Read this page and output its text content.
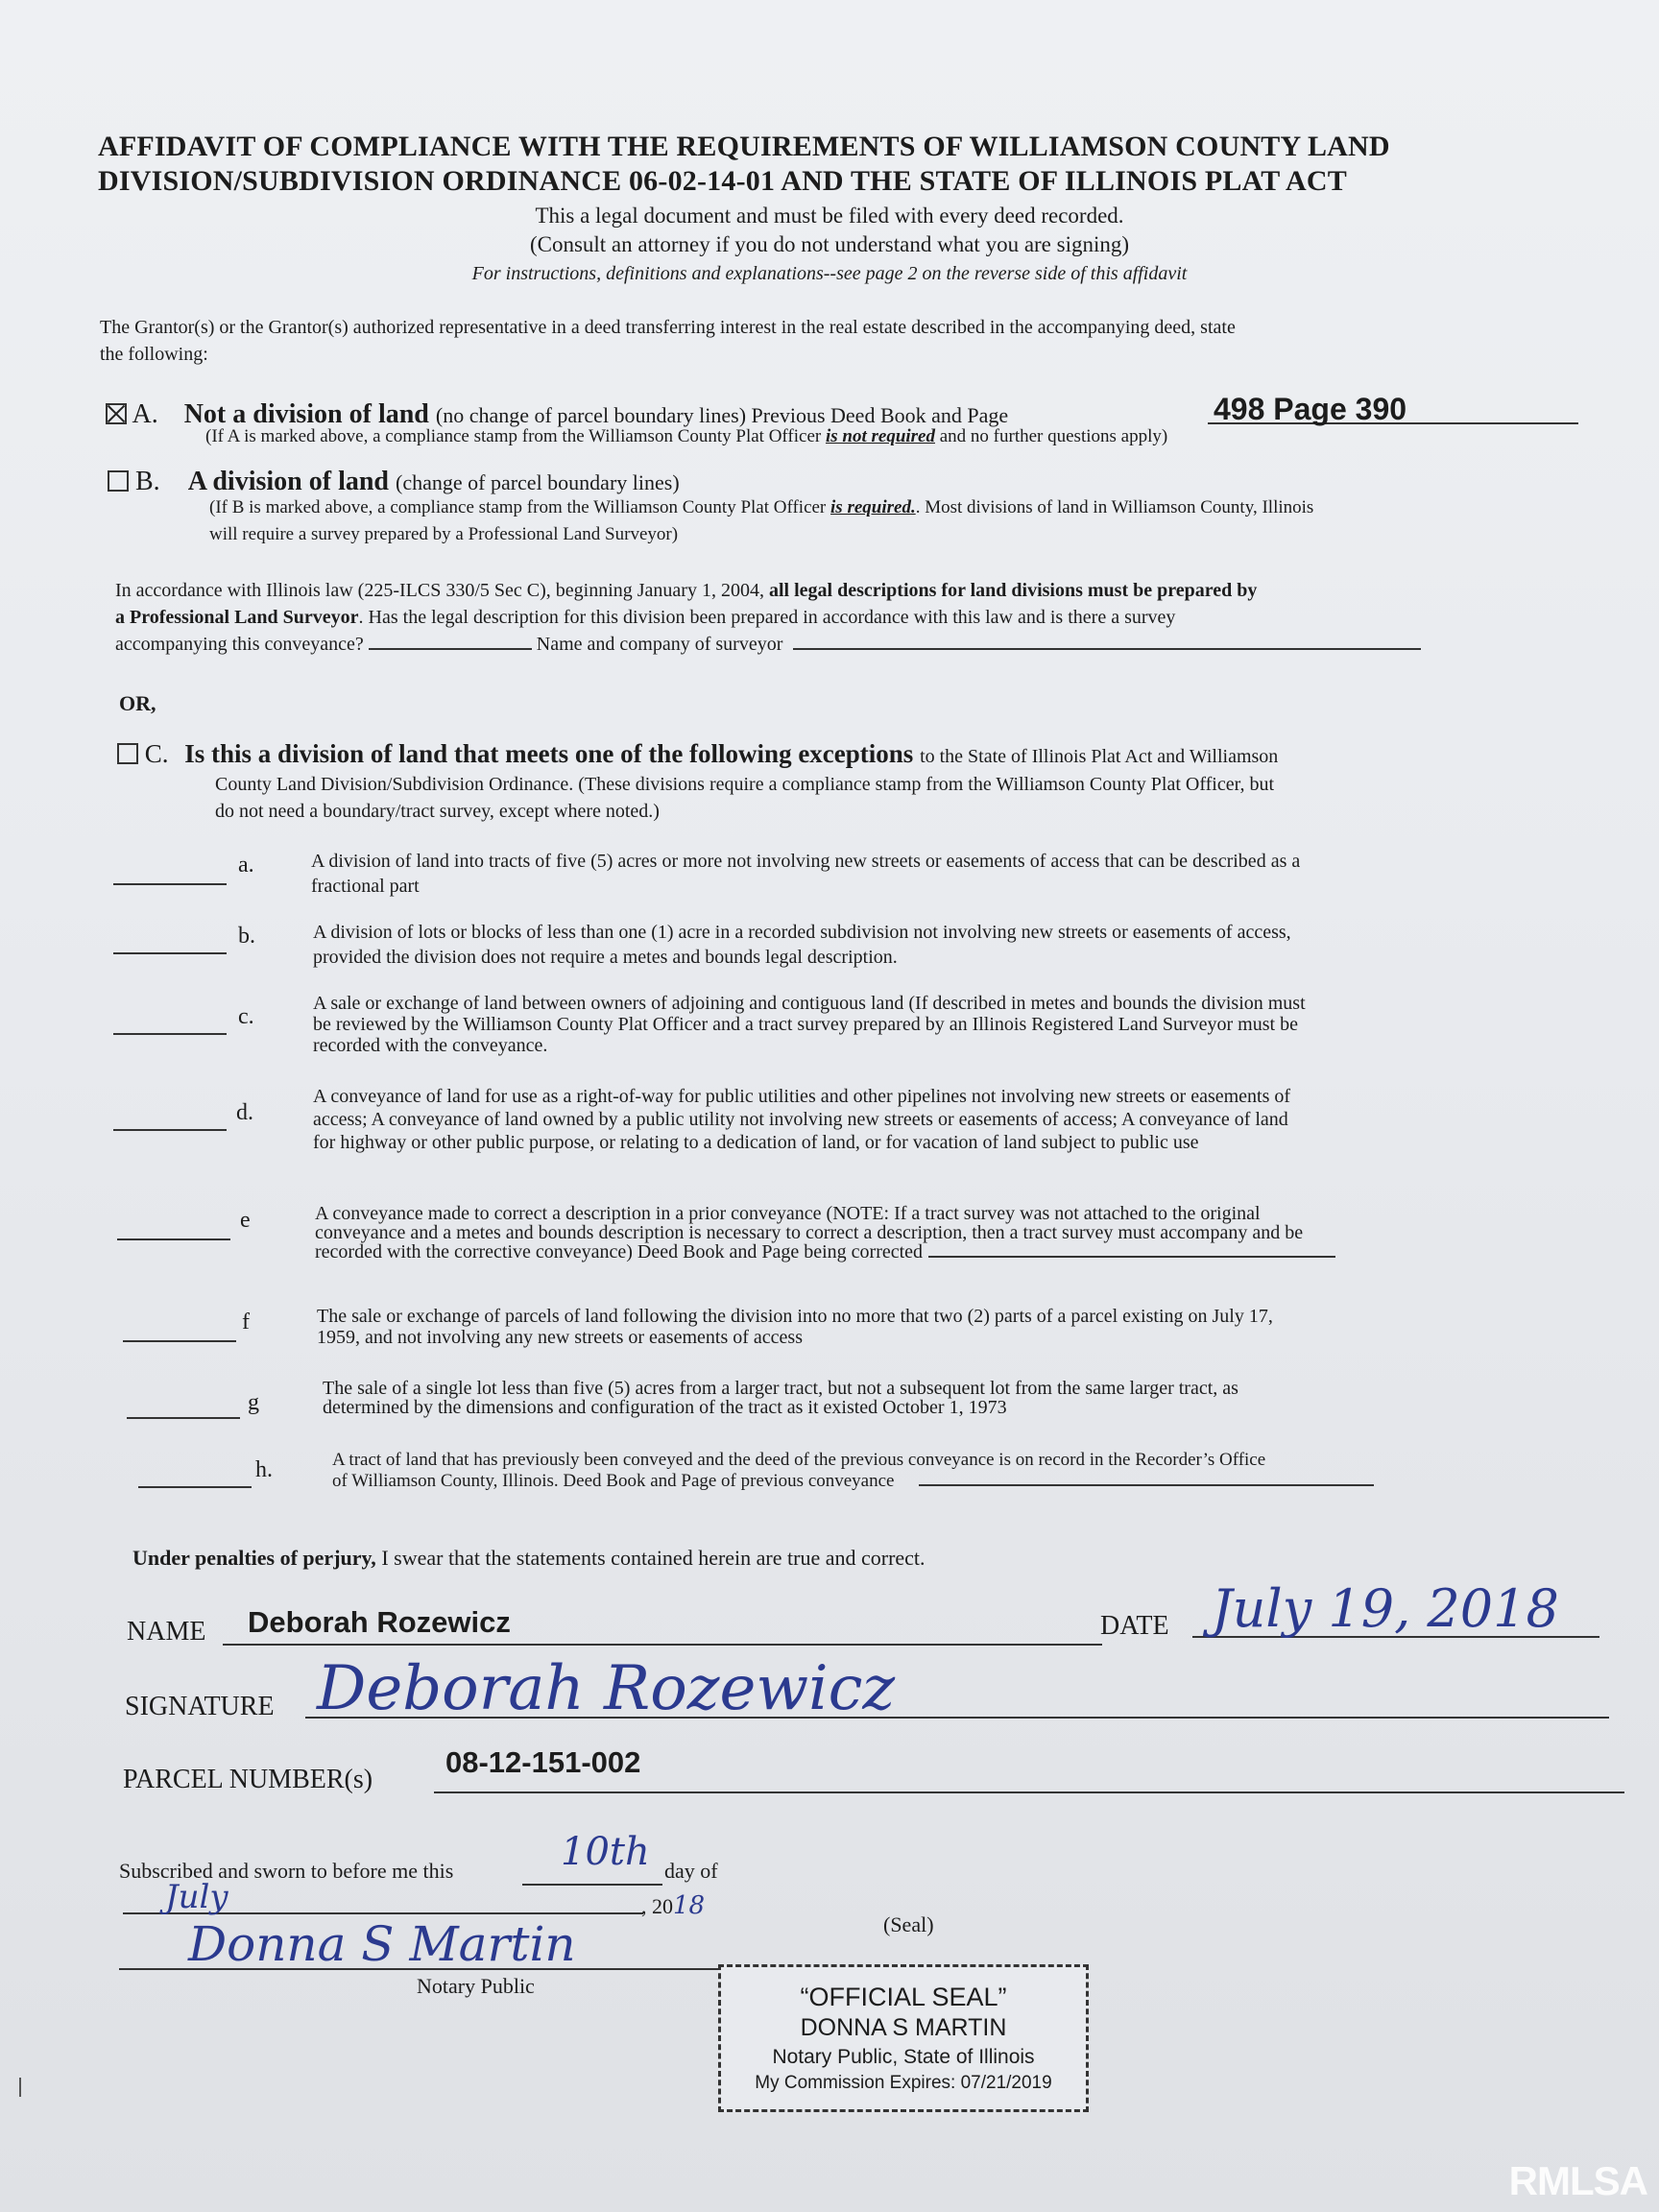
AFFIDAVIT OF COMPLIANCE WITH THE REQUIREMENTS OF WILLIAMSON COUNTY LAND
DIVISION/SUBDIVISION ORDINANCE 06-02-14-01 AND THE STATE OF ILLINOIS PLAT ACT
This a legal document and must be filed with every deed recorded.
(Consult an attorney if you do not understand what you are signing)
For instructions, definitions and explanations--see page 2 on the reverse side of this affidavit
The Grantor(s) or the Grantor(s) authorized representative in a deed transferring interest in the real estate described in the accompanying deed, state
the following:
A. Not a division of land (no change of parcel boundary lines) Previous Deed Book and Page	498 Page 390
(If A is marked above, a compliance stamp from the Williamson County Plat Officer is not required and no further questions apply)
B. A division of land (change of parcel boundary lines)
(If B is marked above, a compliance stamp from the Williamson County Plat Officer is required.. Most divisions of land in Williamson County, Illinois
will require a survey prepared by a Professional Land Surveyor)
In accordance with Illinois law (225-ILCS 330/5 Sec C), beginning January 1, 2004, all legal descriptions for land divisions must be prepared by
a Professional Land Surveyor. Has the legal description for this division been prepared in accordance with this law and is there a survey
accompanying this conveyance?	Name and company of surveyor
OR,
C. Is this a division of land that meets one of the following exceptions to the State of Illinois Plat Act and Williamson
County Land Division/Subdivision Ordinance. (These divisions require a compliance stamp from the Williamson County Plat Officer, but
do not need a boundary/tract survey, except where noted.)
a.	A division of land into tracts of five (5) acres or more not involving new streets or easements of access that can be described as a
fractional part
b.	A division of lots or blocks of less than one (1) acre in a recorded subdivision not involving new streets or easements of access,
provided the division does not require a metes and bounds legal description.
c.
A sale or exchange of land between owners of adjoining and contiguous land (If described in metes and bounds the division must
be reviewed by the Williamson County Plat Officer and a tract survey prepared by an Illinois Registered Land Surveyor must be
recorded with the conveyance.
d.
A conveyance of land for use as a right-of-way for public utilities and other pipelines not involving new streets or easements of
access; A conveyance of land owned by a public utility not involving new streets or easements of access; A conveyance of land
for highway or other public purpose, or relating to a dedication of land, or for vacation of land subject to public use
e	A conveyance made to correct a description in a prior conveyance (NOTE: If a tract survey was not attached to the original
conveyance and a metes and bounds description is necessary to correct a description, then a tract survey must accompany and be
recorded with the corrective conveyance) Deed Book and Page being corrected
f	The sale or exchange of parcels of land following the division into no more that two (2) parts of a parcel existing on July 17,
1959, and not involving any new streets or easements of access
g
The sale of a single lot less than five (5) acres from a larger tract, but not a subsequent lot from the same larger tract, as
determined by the dimensions and configuration of the tract as it existed October 1, 1973
h.	A tract of land that has previously been conveyed and the deed of the previous conveyance is on record in the Recorder’s Office
of Williamson County, Illinois. Deed Book and Page of previous conveyance
Under penalties of perjury, I swear that the statements contained herein are true and correct.
NAME Deborah Rozewicz	DATE July 19, 2018
SIGNATURE Deborah Rozewicz
PARCEL NUMBER(s)
08-12-151-002
Subscribed and sworn to before me this	10th day of
July	, 2018
(Seal)
Donna S Martin
Notary Public	“OFFICIAL SEAL”
DONNA S MARTIN
Notary Public, State of Illinois
My Commission Expires: 07/21/2019
RMLSA
